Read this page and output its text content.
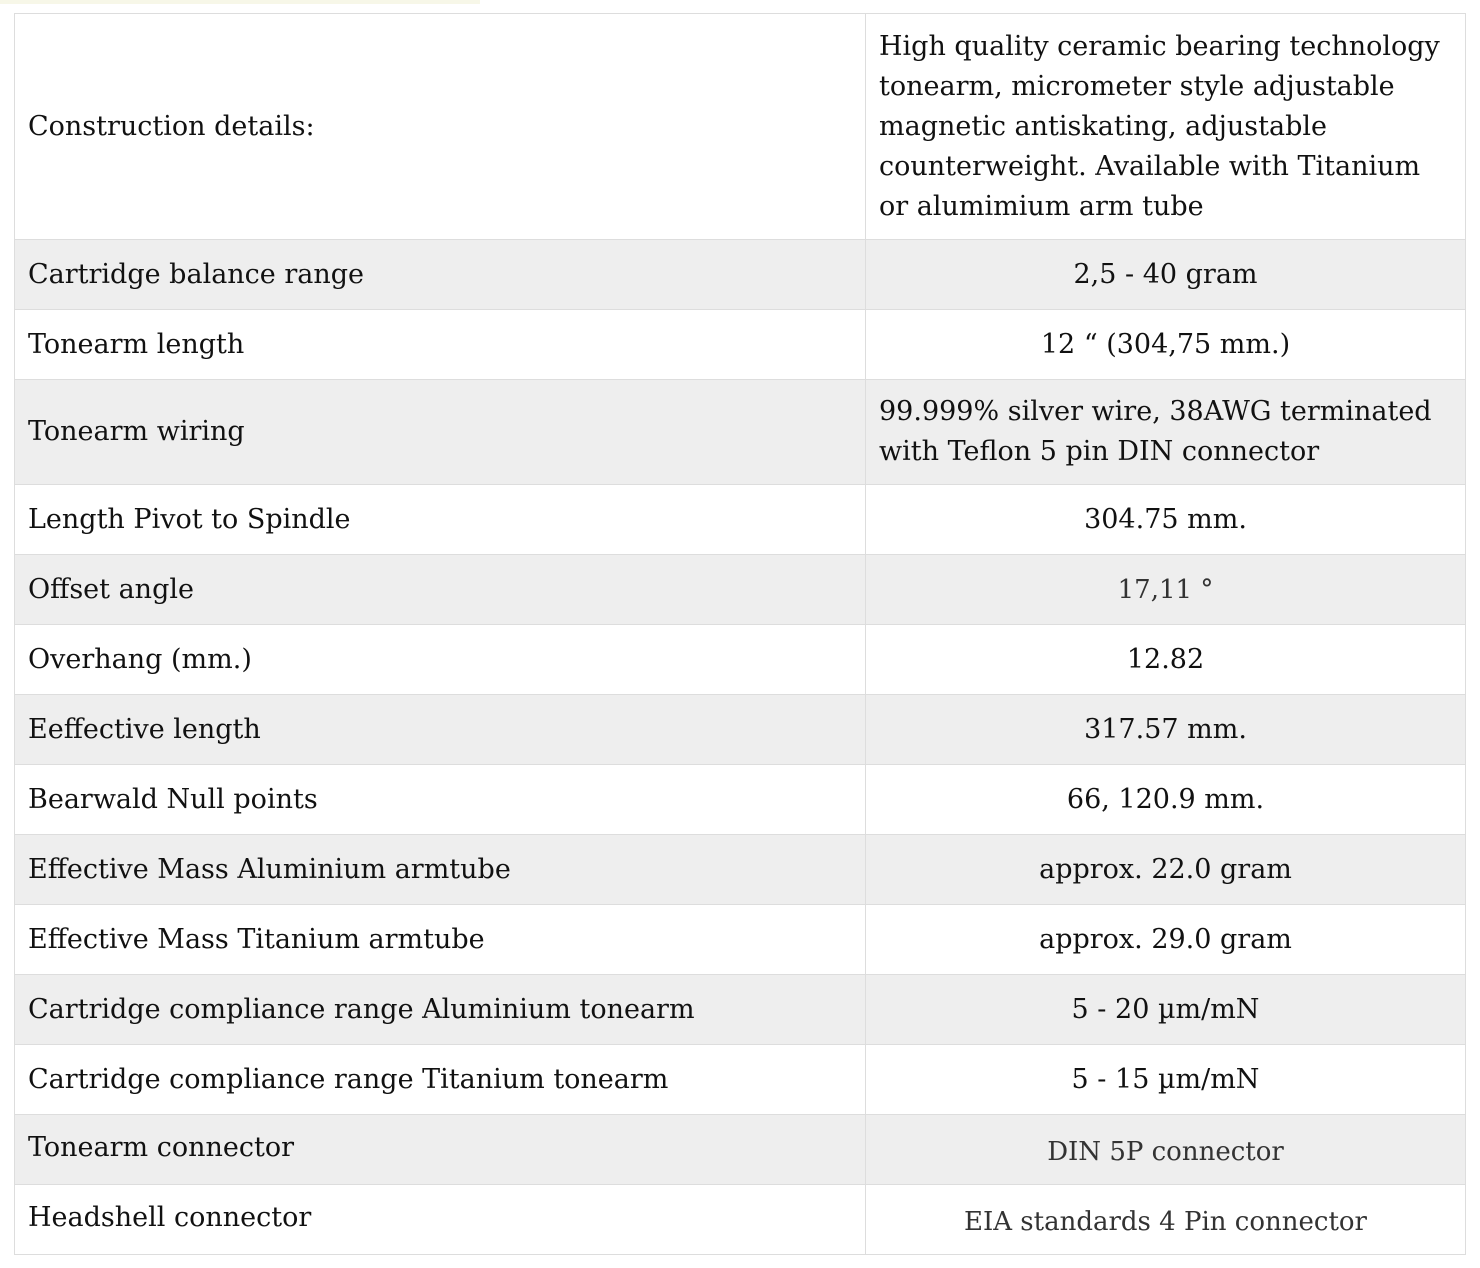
Construction details:	High quality ceramic bearing technology tonearm, micrometer style adjustable magnetic antiskating, adjustable counterweight. Available with Titanium or alumimium arm tube
Cartridge balance range	2,5 - 40 gram
Tonearm length	12 “ (304,75 mm.)
Tonearm wiring	99.999% silver wire, 38AWG terminated with Teflon 5 pin DIN connector
Length Pivot to Spindle	304.75 mm.
Offset angle	17,11 °
Overhang (mm.)	12.82
Eeffective length	317.57 mm.
Bearwald Null points	66, 120.9 mm.
Effective Mass Aluminium armtube	approx. 22.0 gram
Effective Mass Titanium armtube	approx. 29.0 gram
Cartridge compliance range Aluminium tonearm	5 - 20 µm/mN
Cartridge compliance range Titanium tonearm	5 - 15 µm/mN
Tonearm connector	DIN 5P connector
Headshell connector	EIA standards 4 Pin connector
